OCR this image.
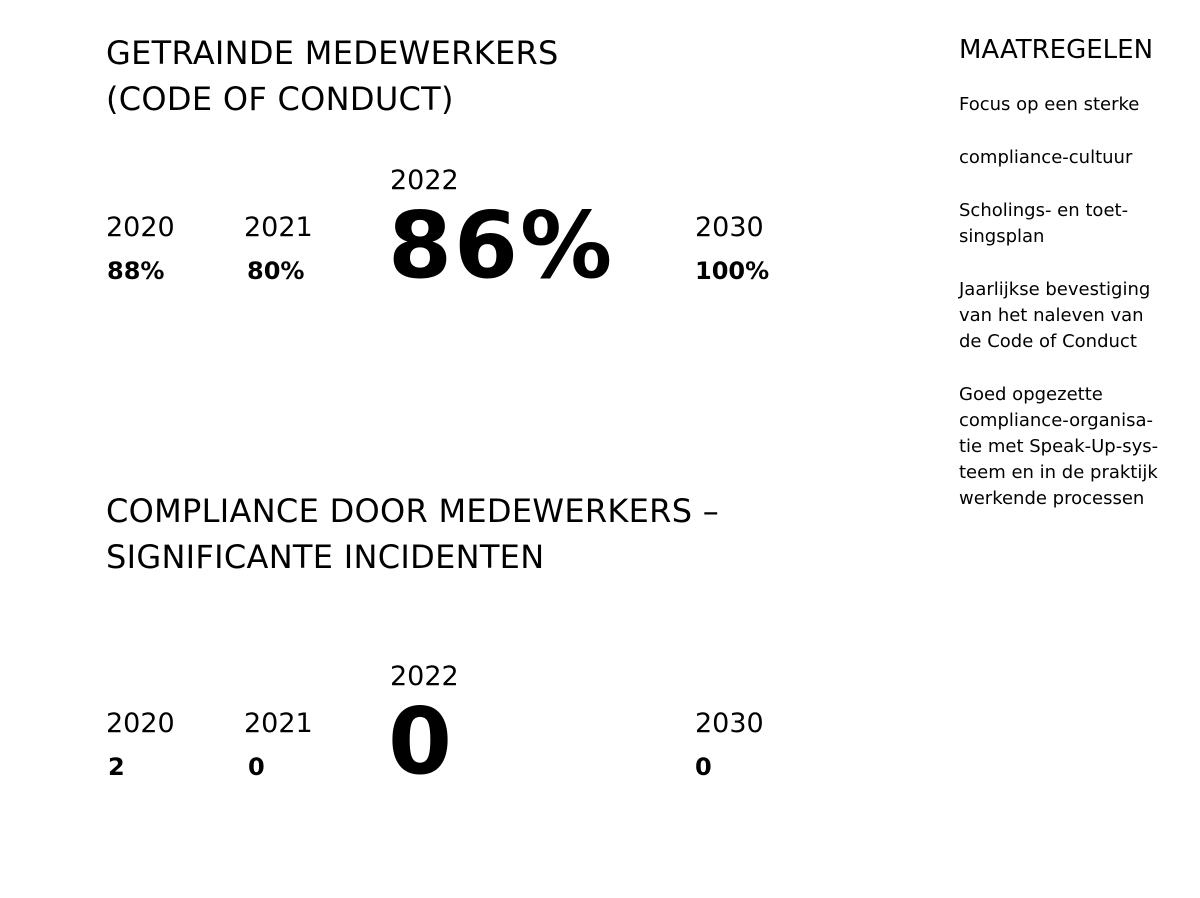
GETRAINDE MEDEWERKERS
(CODE OF CONDUCT)
2020
88%
2021
80%
2022
86%	2030
100%
COMPLIANCE DOOR MEDEWERKERS –
SIGNIFICANTE INCIDENTEN
2020
2
2021
0
2022
0	2030
0
MAATREGELEN
Focus op een sterke
compliance-cultuur
Scholings- en toet-
singsplan
Jaarlijkse bevestiging
van het naleven van
de Code of Conduct
Goed opgezette
compliance-organisa-
tie met Speak-Up-sys-
teem en in de praktijk
werkende processen
